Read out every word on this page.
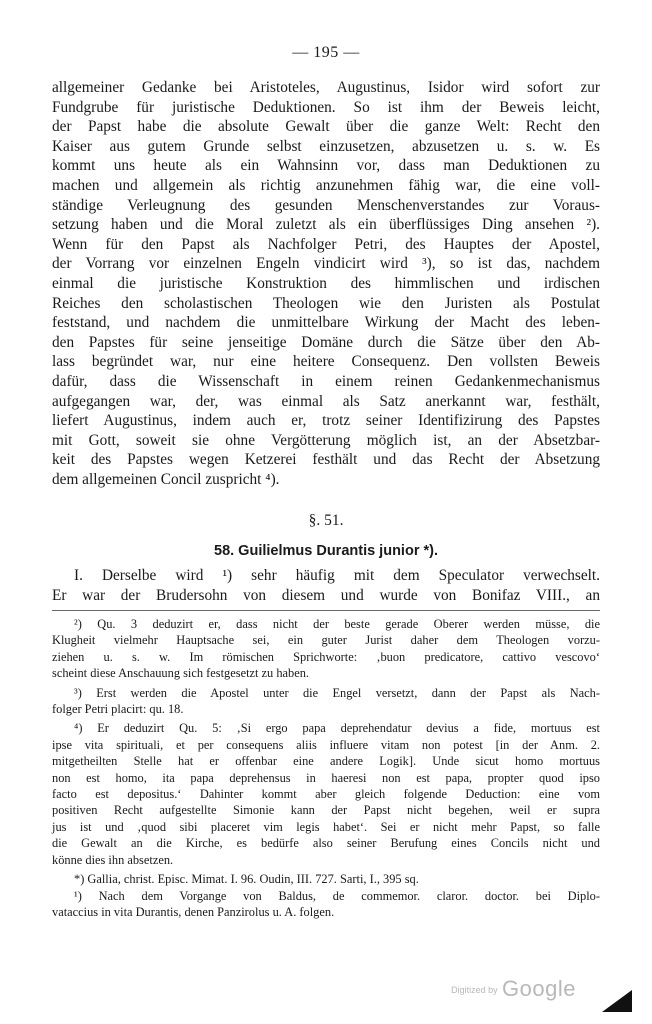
— 195 —
allgemeiner Gedanke bei Aristoteles, Augustinus, Isidor wird sofort zur
Fundgrube für juristische Deduktionen. So ist ihm der Beweis leicht,
der Papst habe die absolute Gewalt über die ganze Welt: Recht den
Kaiser aus gutem Grunde selbst einzusetzen, abzusetzen u. s. w. Es
kommt uns heute als ein Wahnsinn vor, dass man Deduktionen zu
machen und allgemein als richtig anzunehmen fähig war, die eine voll-
ständige Verleugnung des gesunden Menschenverstandes zur Voraus-
setzung haben und die Moral zuletzt als ein überflüssiges Ding ansehen ²).
Wenn für den Papst als Nachfolger Petri, des Hauptes der Apostel,
der Vorrang vor einzelnen Engeln vindicirt wird ³), so ist das, nachdem
einmal die juristische Konstruktion des himmlischen und irdischen
Reiches den scholastischen Theologen wie den Juristen als Postulat
feststand, und nachdem die unmittelbare Wirkung der Macht des leben-
den Papstes für seine jenseitige Domäne durch die Sätze über den Ab-
lass begründet war, nur eine heitere Consequenz. Den vollsten Beweis
dafür, dass die Wissenschaft in einem reinen Gedankenmechanismus
aufgegangen war, der, was einmal als Satz anerkannt war, festhält,
liefert Augustinus, indem auch er, trotz seiner Identifizirung des Papstes
mit Gott, soweit sie ohne Vergötterung möglich ist, an der Absetzbar-
keit des Papstes wegen Ketzerei festhält und das Recht der Absetzung
dem allgemeinen Concil zuspricht ⁴).
§. 51.
58. Guilielmus Durantis junior *).
I. Derselbe wird ¹) sehr häufig mit dem Speculator verwechselt.
Er war der Brudersohn von diesem und wurde von Bonifaz VIII., an
²) Qu. 3 deduzirt er, dass nicht der beste gerade Oberer werden müsse, die
Klugheit vielmehr Hauptsache sei, ein guter Jurist daher dem Theologen vorzu-
ziehen u. s. w. Im römischen Sprichworte: ‚buon predicatore, cattivo vescovo‘
scheint diese Anschauung sich festgesetzt zu haben.
³) Erst werden die Apostel unter die Engel versetzt, dann der Papst als Nach-
folger Petri placirt: qu. 18.
⁴) Er deduzirt Qu. 5: ‚Si ergo papa deprehendatur devius a fide, mortuus est
ipse vita spirituali, et per consequens aliis influere vitam non potest [in der Anm. 2.
mitgetheilten Stelle hat er offenbar eine andere Logik]. Unde sicut homo mortuus
non est homo, ita papa deprehensus in haeresi non est papa, propter quod ipso
facto est depositus.‘ Dahinter kommt aber gleich folgende Deduction: eine vom
positiven Recht aufgestellte Simonie kann der Papst nicht begehen, weil er supra
jus ist und ‚quod sibi placeret vim legis habet‘. Sei er nicht mehr Papst, so falle
die Gewalt an die Kirche, es bedürfe also seiner Berufung eines Concils nicht und
könne dies ihn absetzen.
*) Gallia, christ. Episc. Mimat. I. 96. Oudin, III. 727. Sarti, I., 395 sq.
¹) Nach dem Vorgange von Baldus, de commemor. claror. doctor. bei Diplo-
vataccius in vita Durantis, denen Panzirolus u. A. folgen.
Digitized by Google
